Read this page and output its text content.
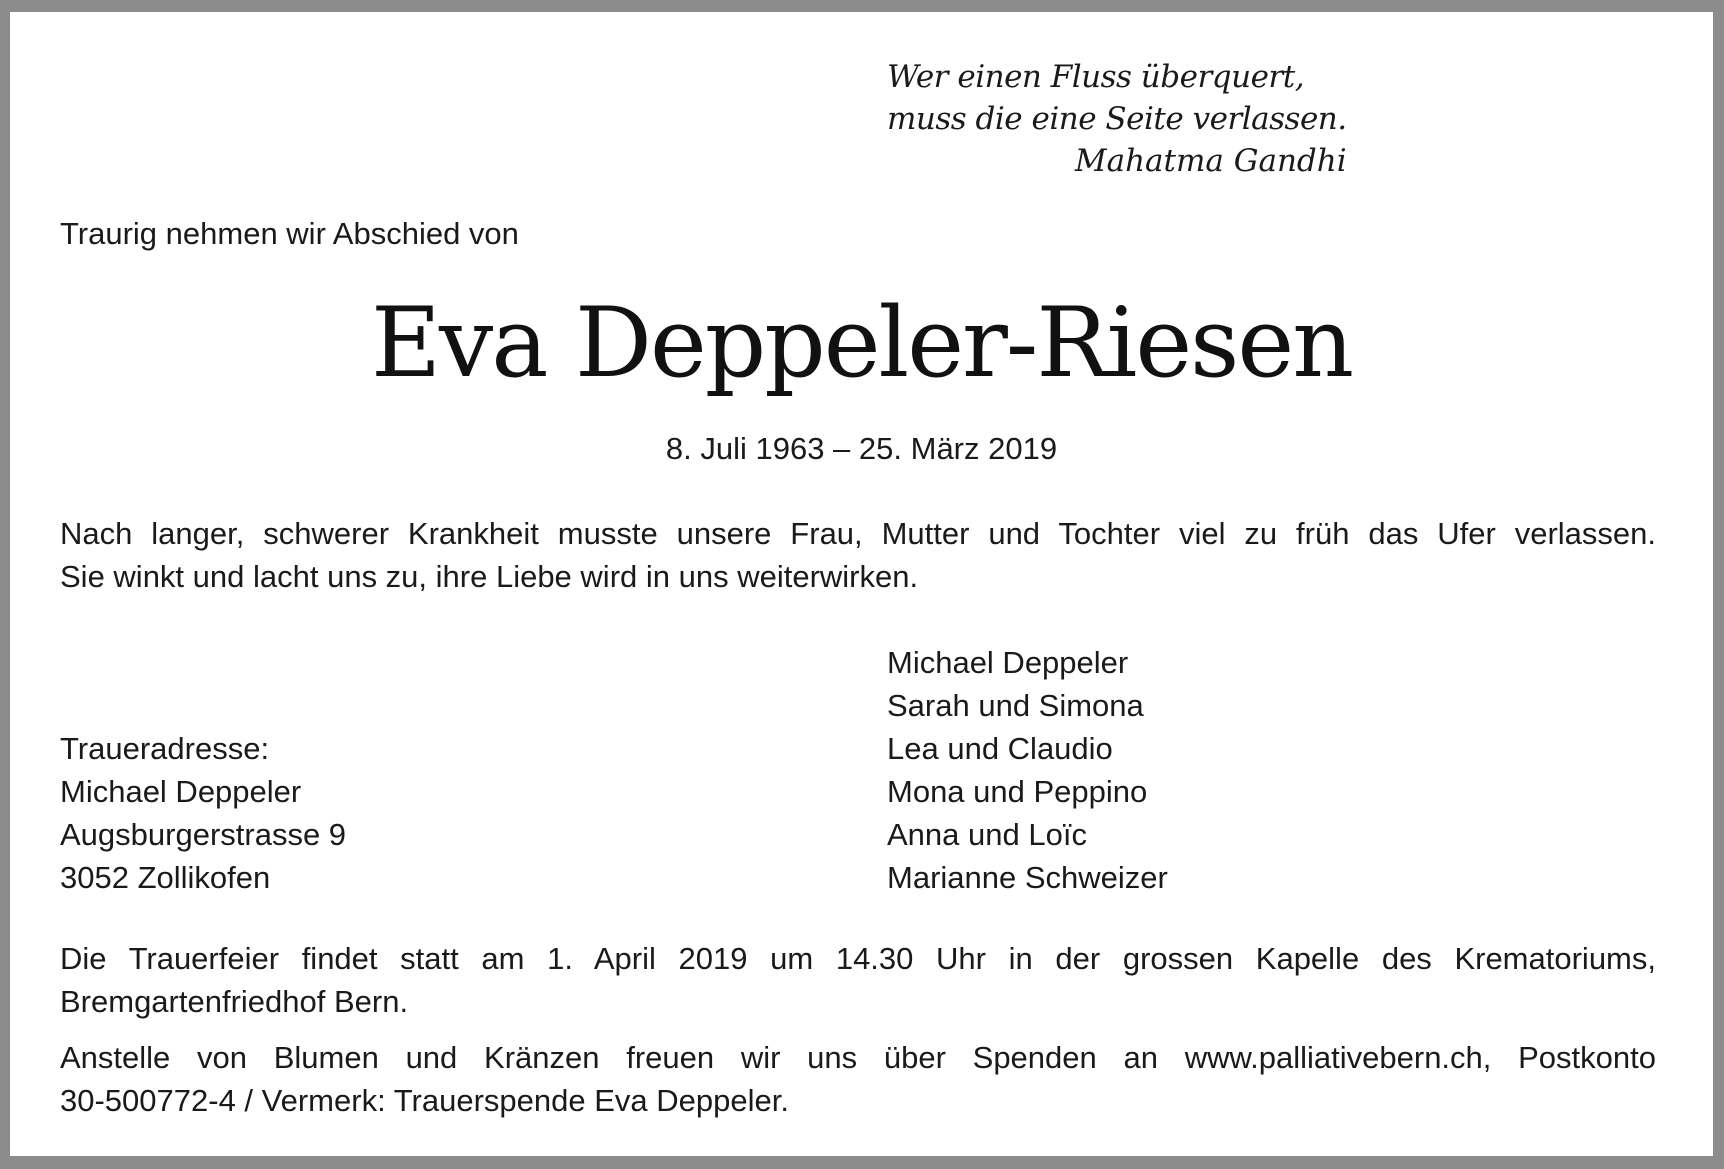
Wer einen Fluss überquert,
muss die eine Seite verlassen.
Mahatma Gandhi
Traurig nehmen wir Abschied von
Eva Deppeler-Riesen
8. Juli 1963 – 25. März 2019
Nach langer, schwerer Krankheit musste unsere Frau, Mutter und Tochter viel zu früh das Ufer verlassen.
Sie winkt und lacht uns zu, ihre Liebe wird in uns weiterwirken.
Michael Deppeler
Sarah und Simona
Lea und Claudio
Mona und Peppino
Anna und Loïc
Marianne Schweizer
Traueradresse:
Michael Deppeler
Augsburgerstrasse 9
3052 Zollikofen
Die Trauerfeier findet statt am 1. April 2019 um 14.30 Uhr in der grossen Kapelle des Krematoriums,
Bremgartenfriedhof Bern.
Anstelle von Blumen und Kränzen freuen wir uns über Spenden an www.palliativebern.ch, Postkonto
30-500772-4 / Vermerk: Trauerspende Eva Deppeler.
